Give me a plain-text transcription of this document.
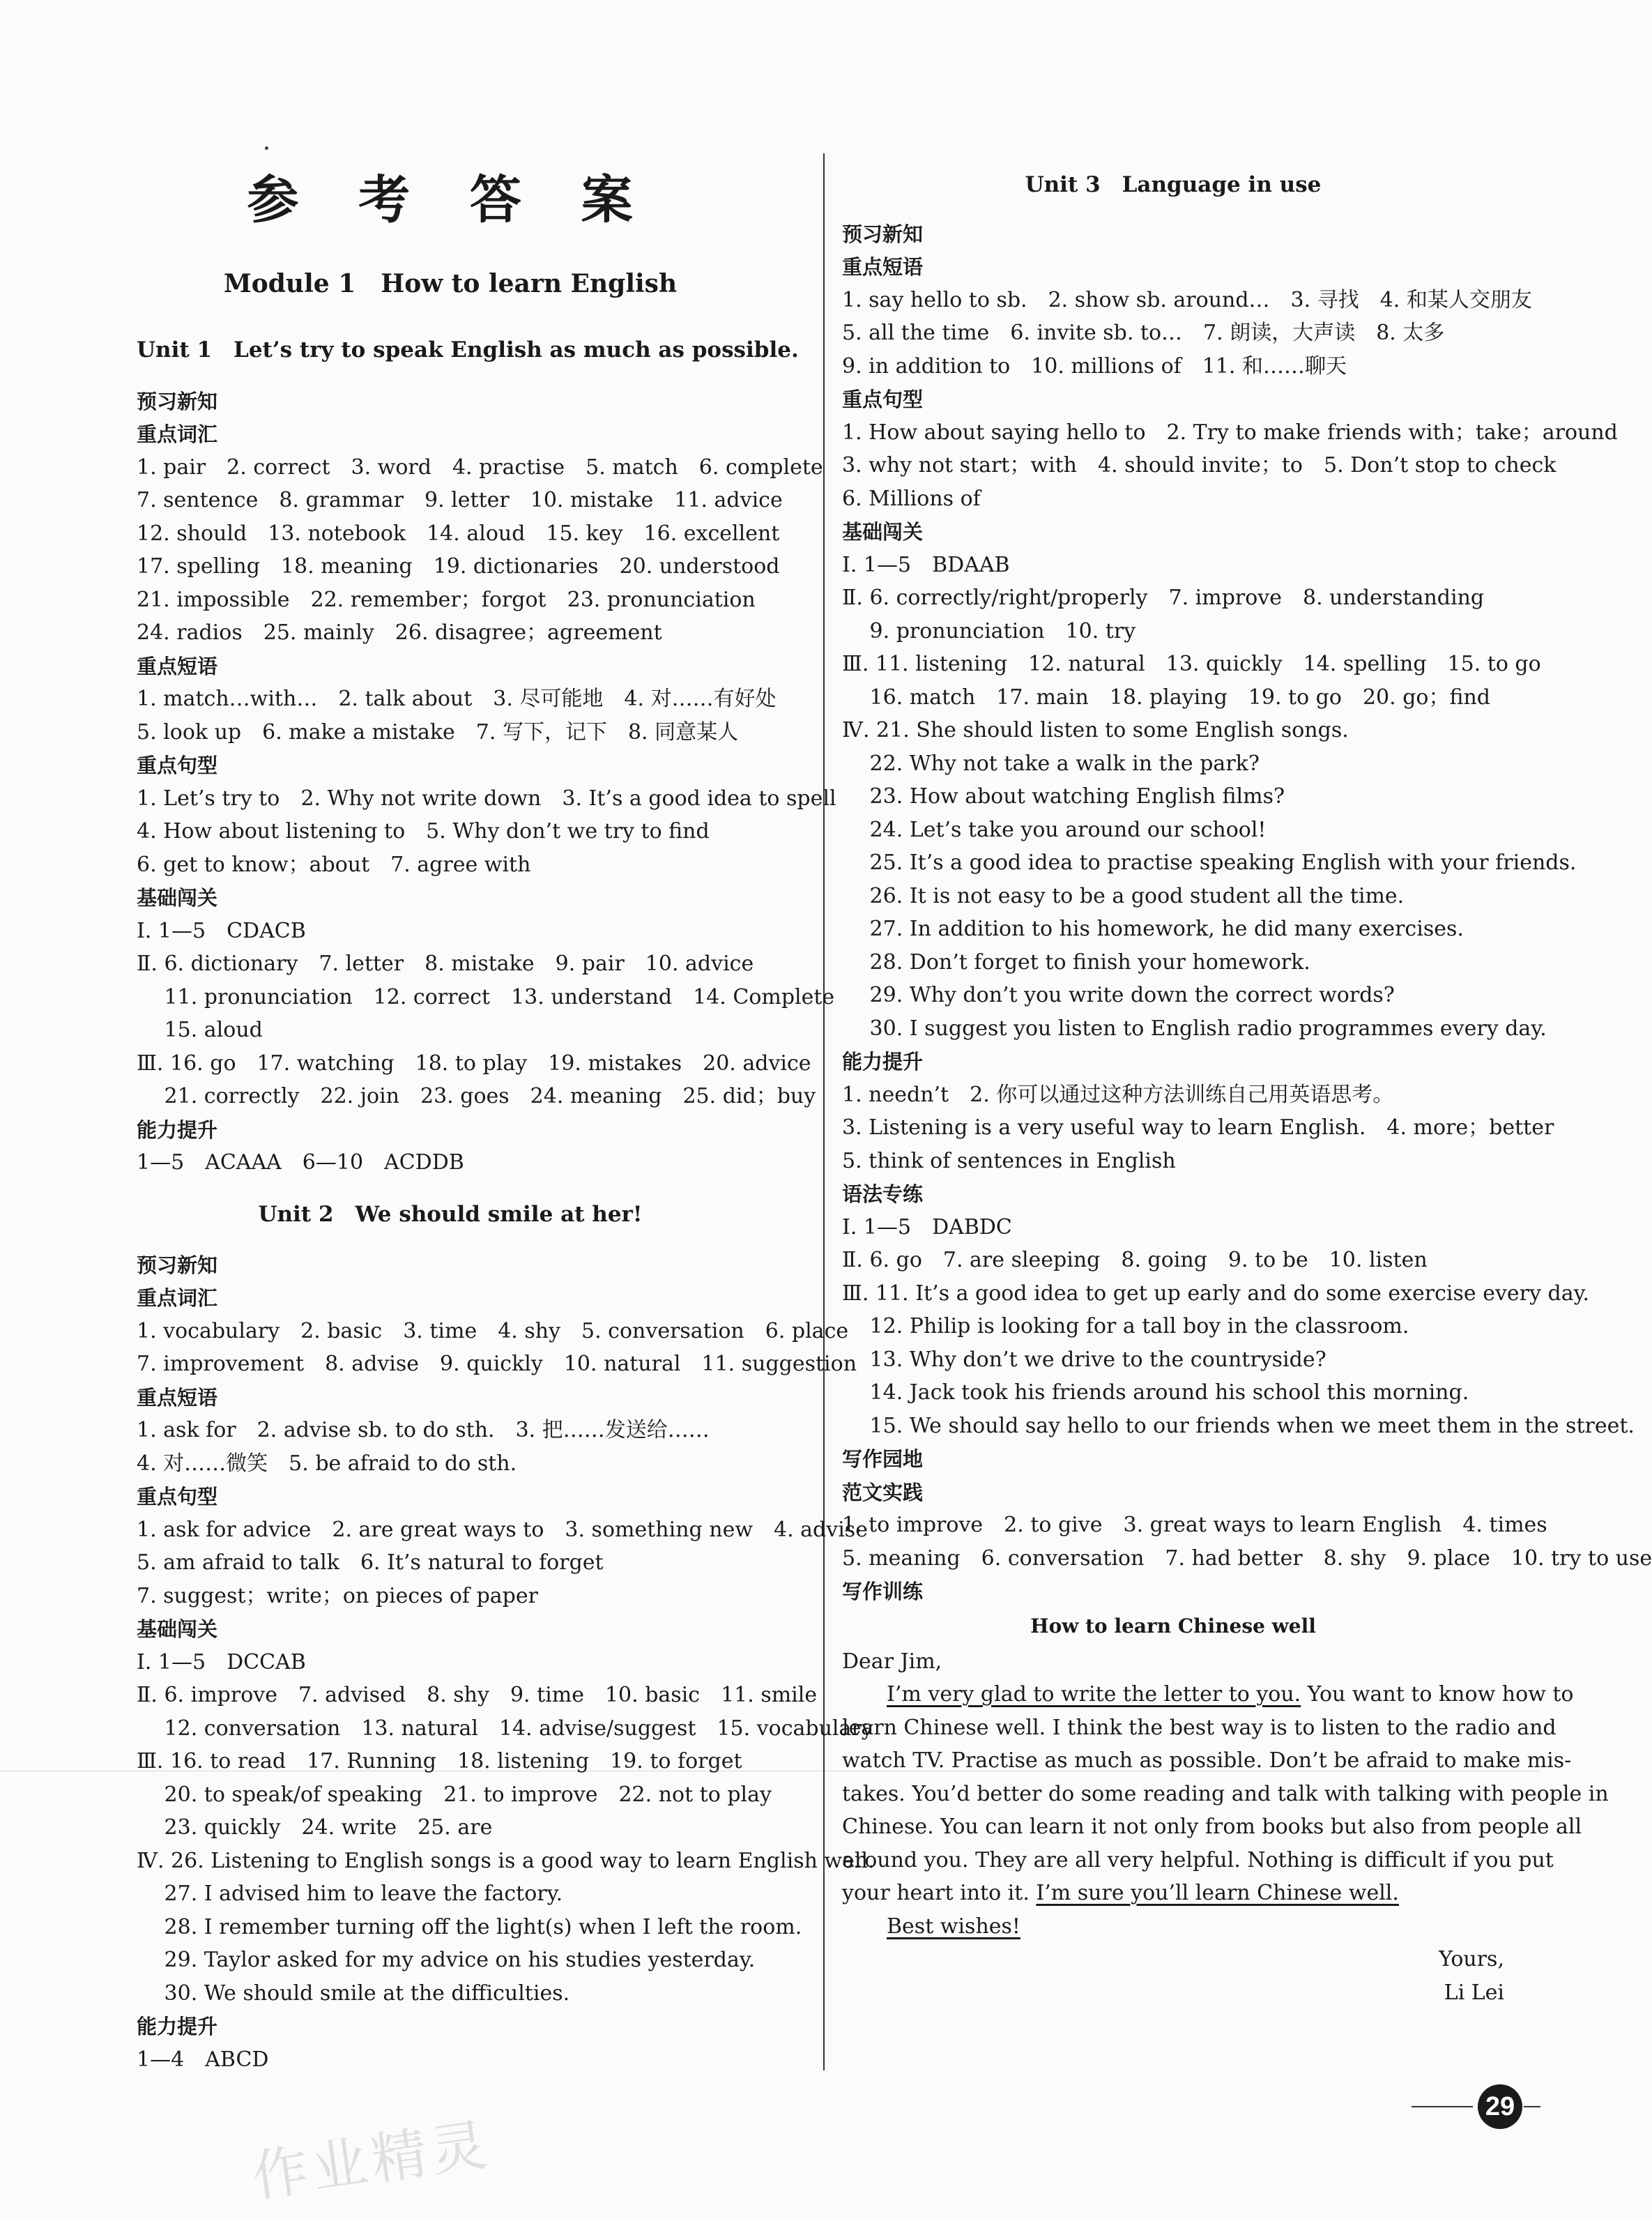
参 考 答 案
Module 1　How to learn English
Unit 1　Let’s try to speak English as much as possible.
预习新知
重点词汇
1. pair　2. correct　3. word　4. practise　5. match　6. complete
7. sentence　8. grammar　9. letter　10. mistake　11. advice
12. should　13. notebook　14. aloud　15. key　16. excellent
17. spelling　18. meaning　19. dictionaries　20. understood
21. impossible　22. remember；forgot　23. pronunciation
24. radios　25. mainly　26. disagree；agreement
重点短语
1. match…with…　2. talk about　3. 尽可能地　4. 对……有好处
5. look up　6. make a mistake　7. 写下，记下　8. 同意某人
重点句型
1. Let’s try to　2. Why not write down　3. It’s a good idea to spell
4. How about listening to　5. Why don’t we try to find
6. get to know；about　7. agree with
基础闯关
Ⅰ. 1—5　CDACB
Ⅱ. 6. dictionary　7. letter　8. mistake　9. pair　10. advice
　 11. pronunciation　12. correct　13. understand　14. Complete
　 15. aloud
Ⅲ. 16. go　17. watching　18. to play　19. mistakes　20. advice
　 21. correctly　22. join　23. goes　24. meaning　25. did；buy
能力提升
1—5　ACAAA　6—10　ACDDB
Unit 2　We should smile at her!
预习新知
重点词汇
1. vocabulary　2. basic　3. time　4. shy　5. conversation　6. place
7. improvement　8. advise　9. quickly　10. natural　11. suggestion
重点短语
1. ask for　2. advise sb. to do sth.　3. 把……发送给……
4. 对……微笑　5. be afraid to do sth.
重点句型
1. ask for advice　2. are great ways to　3. something new　4. advise
5. am afraid to talk　6. It’s natural to forget
7. suggest；write；on pieces of paper
基础闯关
Ⅰ. 1—5　DCCAB
Ⅱ. 6. improve　7. advised　8. shy　9. time　10. basic　11. smile
　 12. conversation　13. natural　14. advise/suggest　15. vocabulary
Ⅲ. 16. to read　17. Running　18. listening　19. to forget
　 20. to speak/of speaking　21. to improve　22. not to play
　 23. quickly　24. write　25. are
Ⅳ. 26. Listening to English songs is a good way to learn English well.
　 27. I advised him to leave the factory.
　 28. I remember turning off the light(s) when I left the room.
　 29. Taylor asked for my advice on his studies yesterday.
　 30. We should smile at the difficulties.
能力提升
1—4　ABCD
Unit 3　Language in use
预习新知
重点短语
1. say hello to sb.　2. show sb. around…　3. 寻找　4. 和某人交朋友
5. all the time　6. invite sb. to…　7. 朗读，大声读　8. 太多
9. in addition to　10. millions of　11. 和……聊天
重点句型
1. How about saying hello to　2. Try to make friends with；take；around
3. why not start；with　4. should invite；to　5. Don’t stop to check
6. Millions of
基础闯关
Ⅰ. 1—5　BDAAB
Ⅱ. 6. correctly/right/properly　7. improve　8. understanding
　 9. pronunciation　10. try
Ⅲ. 11. listening　12. natural　13. quickly　14. spelling　15. to go
　 16. match　17. main　18. playing　19. to go　20. go；find
Ⅳ. 21. She should listen to some English songs.
　 22. Why not take a walk in the park?
　 23. How about watching English films?
　 24. Let’s take you around our school!
　 25. It’s a good idea to practise speaking English with your friends.
　 26. It is not easy to be a good student all the time.
　 27. In addition to his homework, he did many exercises.
　 28. Don’t forget to finish your homework.
　 29. Why don’t you write down the correct words?
　 30. I suggest you listen to English radio programmes every day.
能力提升
1. needn’t　2. 你可以通过这种方法训练自己用英语思考。
3. Listening is a very useful way to learn English.　4. more；better
5. think of sentences in English
语法专练
Ⅰ. 1—5　DABDC
Ⅱ. 6. go　7. are sleeping　8. going　9. to be　10. listen
Ⅲ. 11. It’s a good idea to get up early and do some exercise every day.
　 12. Philip is looking for a tall boy in the classroom.
　 13. Why don’t we drive to the countryside?
　 14. Jack took his friends around his school this morning.
　 15. We should say hello to our friends when we meet them in the street.
写作园地
范文实践
1. to improve　2. to give　3. great ways to learn English　4. times
5. meaning　6. conversation　7. had better　8. shy　9. place　10. try to use
写作训练
How to learn Chinese well
Dear Jim,
I’m very glad to write the letter to you. You want to know how to
learn Chinese well. I think the best way is to listen to the radio and
watch TV. Practise as much as possible. Don’t be afraid to make mis-
takes. You’d better do some reading and talk with talking with people in
Chinese. You can learn it not only from books but also from people all
around you. They are all very helpful. Nothing is difficult if you put
your heart into it. I’m sure you’ll learn Chinese well.
Best wishes!
Yours,
Li Lei
29
作业精灵
